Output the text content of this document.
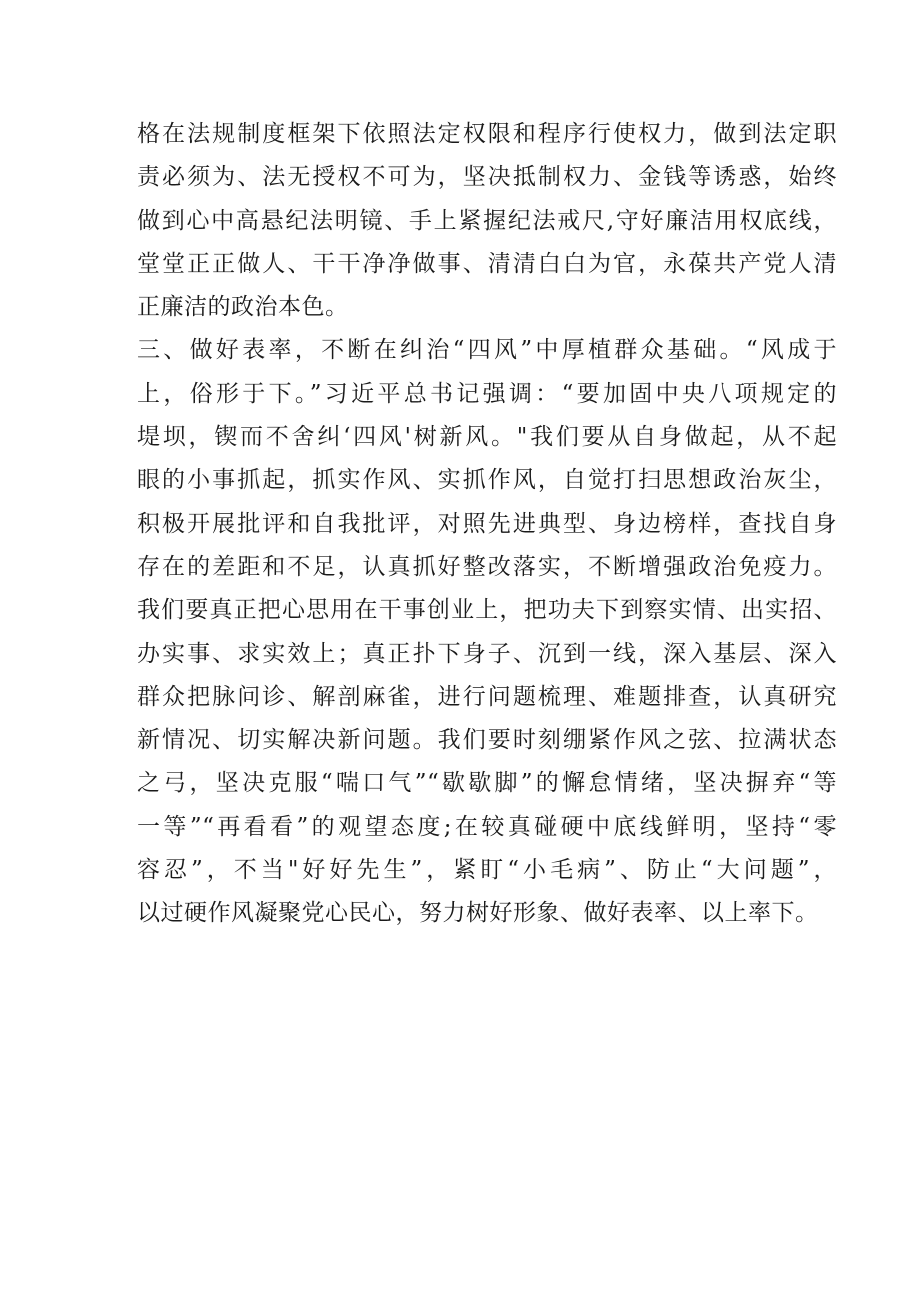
格在法规制度框架下依照法定权限和程序行使权力，做到法定职
责必须为、法无授权不可为，坚决抵制权力、金钱等诱惑，始终
做到心中高悬纪法明镜、手上紧握纪法戒尺,守好廉洁用权底线，
堂堂正正做人、干干净净做事、清清白白为官，永葆共产党人清
正廉洁的政治本色。
三、做好表率，不断在纠治“四风”中厚植群众基础。“风成于
上，俗形于下。”习近平总书记强调：“要加固中央八项规定的
堤坝，锲而不舍纠‘四风'树新风。"我们要从自身做起，从不起
眼的小事抓起，抓实作风、实抓作风，自觉打扫思想政治灰尘，
积极开展批评和自我批评，对照先进典型、身边榜样，查找自身
存在的差距和不足，认真抓好整改落实，不断增强政治免疫力。
我们要真正把心思用在干事创业上，把功夫下到察实情、出实招、
办实事、求实效上；真正扑下身子、沉到一线，深入基层、深入
群众把脉问诊、解剖麻雀，进行问题梳理、难题排查，认真研究
新情况、切实解决新问题。我们要时刻绷紧作风之弦、拉满状态
之弓，坚决克服“喘口气”“歇歇脚”的懈怠情绪，坚决摒弃“等
一等”“再看看”的观望态度;在较真碰硬中底线鲜明，坚持“零
容忍”，不当"好好先生”，紧盯“小毛病”、防止“大问题”，
以过硬作风凝聚党心民心，努力树好形象、做好表率、以上率下。
